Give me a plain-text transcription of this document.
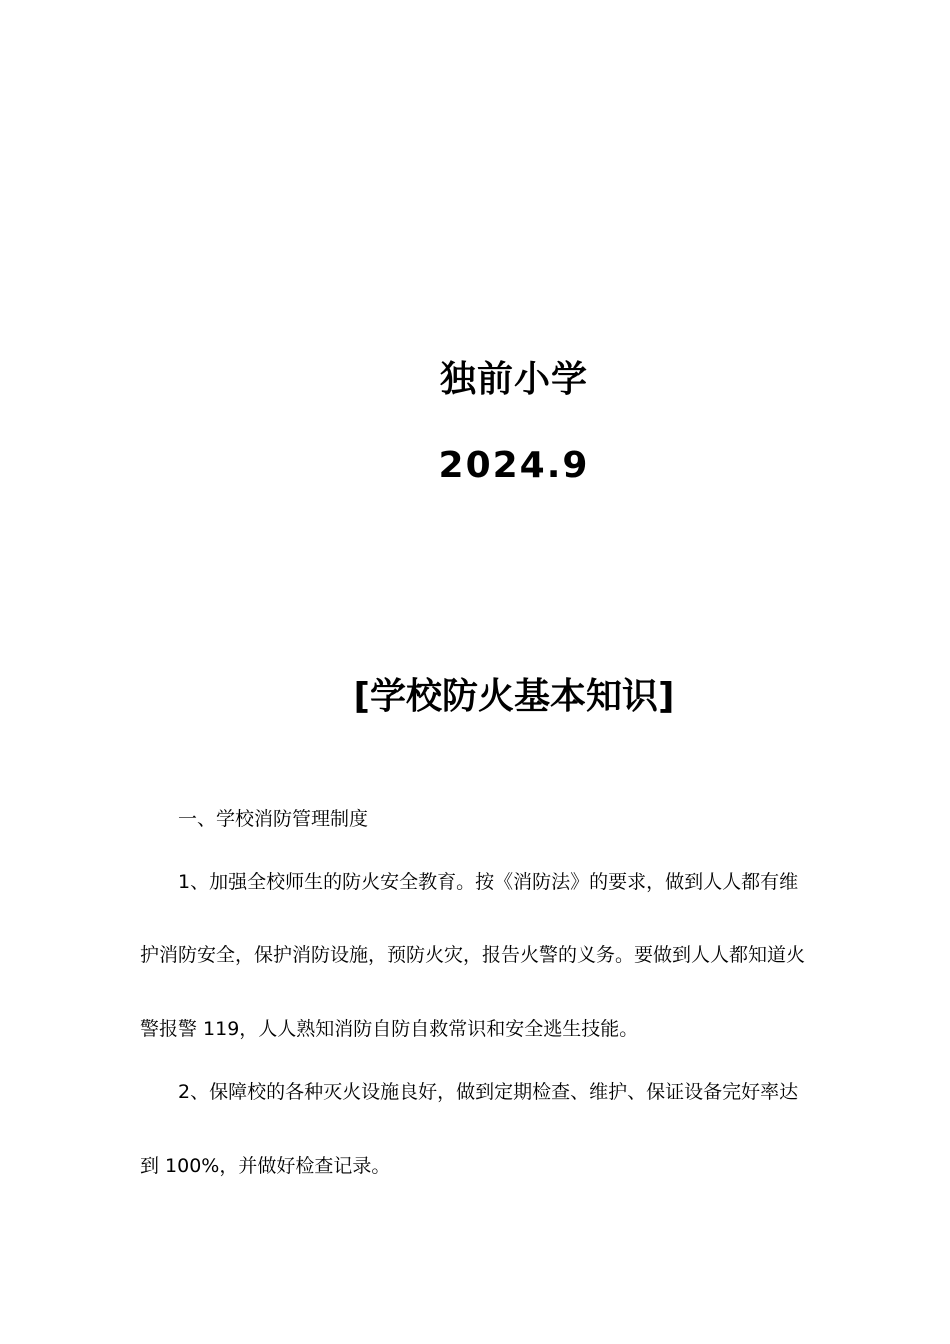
独前小学
2024.9
[学校防火基本知识]
一、学校消防管理制度
1、加强全校师生的防火安全教育。按《消防法》的要求，做到人人都有维
护消防安全，保护消防设施，预防火灾，报告火警的义务。要做到人人都知道火
警报警 119，人人熟知消防自防自救常识和安全逃生技能。
2、保障校的各种灭火设施良好，做到定期检查、维护、保证设备完好率达
到 100%，并做好检查记录。
